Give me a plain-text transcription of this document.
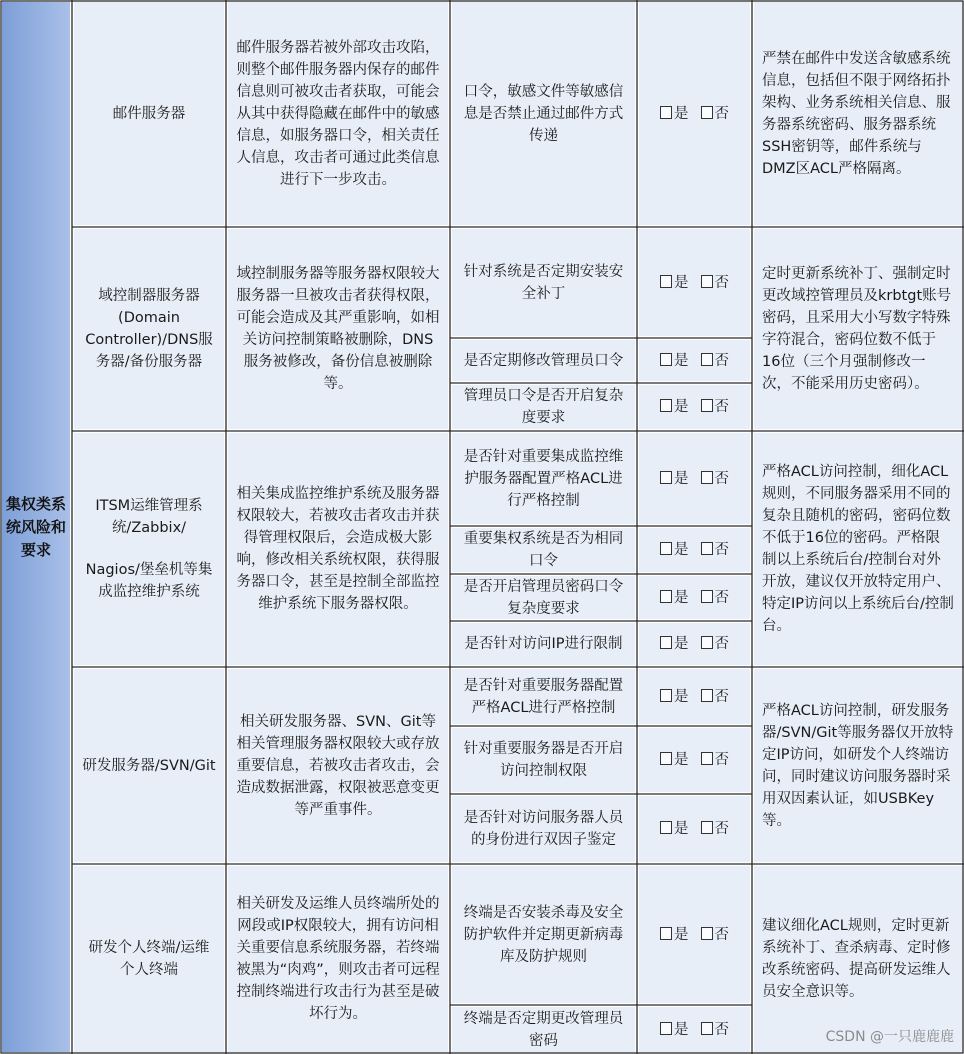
集权类系统风险和要求
邮件服务器
邮件服务器若被外部攻击攻陷，则整个邮件服务器内保存的邮件信息则可被攻击者获取，可能会从其中获得隐藏在邮件中的敏感信息，如服务器口令，相关责任人信息，攻击者可通过此类信息进行下一步攻击。
口令，敏感文件等敏感信息是否禁止通过邮件方式传递
是 否
严禁在邮件中发送含敏感系统信息，包括但不限于网络拓扑架构、业务系统相关信息、服务器系统密码、服务器系统SSH密钥等，邮件系统与DMZ区ACL严格隔离。
域控制器服务器(Domain Controller)/DNS服务器/备份服务器
域控制服务器等服务器权限较大服务器一旦被攻击者获得权限，可能会造成及其严重影响，如相关访问控制策略被删除，DNS服务被修改，备份信息被删除等。
针对系统是否定期安装安全补丁
是 否
是否定期修改管理员口令	是 否
管理员口令是否开启复杂度要求
是 否
定时更新系统补丁、强制定时更改域控管理员及krbtgt账号密码，且采用大小写数字特殊字符混合，密码位数不低于16位（三个月强制修改一次，不能采用历史密码）。
ITSM运维管理系统/Zabbix/
Nagios/堡垒机等集成监控维护系统
相关集成监控维护系统及服务器权限较大，若被攻击者攻击并获得管理权限后，会造成极大影响，修改相关系统权限，获得服务器口令，甚至是控制全部监控维护系统下服务器权限。
是否针对重要集成监控维护服务器配置严格ACL进行严格控制
是 否
重要集权系统是否为相同口令
是 否
是否开启管理员密码口令复杂度要求
是 否
是否针对访问IP进行限制	是 否
严格ACL访问控制，细化ACL规则，不同服务器采用不同的复杂且随机的密码，密码位数不低于16位的密码。严格限制以上系统后台/控制台对外开放，建议仅开放特定用户、特定IP访问以上系统后台/控制台。
研发服务器/SVN/Git
相关研发服务器、SVN、Git等相关管理服务器权限较大或存放重要信息，若被攻击者攻击，会造成数据泄露，权限被恶意变更等严重事件。
是否针对重要服务器配置严格ACL进行严格控制
是 否
针对重要服务器是否开启访问控制权限
是 否
是否针对访问服务器人员的身份进行双因子鉴定
是 否
严格ACL访问控制，研发服务器/SVN/Git等服务器仅开放特定IP访问，如研发个人终端访问，同时建议访问服务器时采用双因素认证，如USBKey等。
研发个人终端/运维个人终端
相关研发及运维人员终端所处的网段或IP权限较大，拥有访问相关重要信息系统服务器，若终端被黑为“肉鸡”，则攻击者可远程控制终端进行攻击行为甚至是破坏行为。
终端是否安装杀毒及安全防护软件并定期更新病毒库及防护规则
是 否
终端是否定期更改管理员密码
是 否
建议细化ACL规则，定时更新系统补丁、查杀病毒、定时修改系统密码、提高研发运维人员安全意识等。
CSDN @一只鹿鹿鹿
